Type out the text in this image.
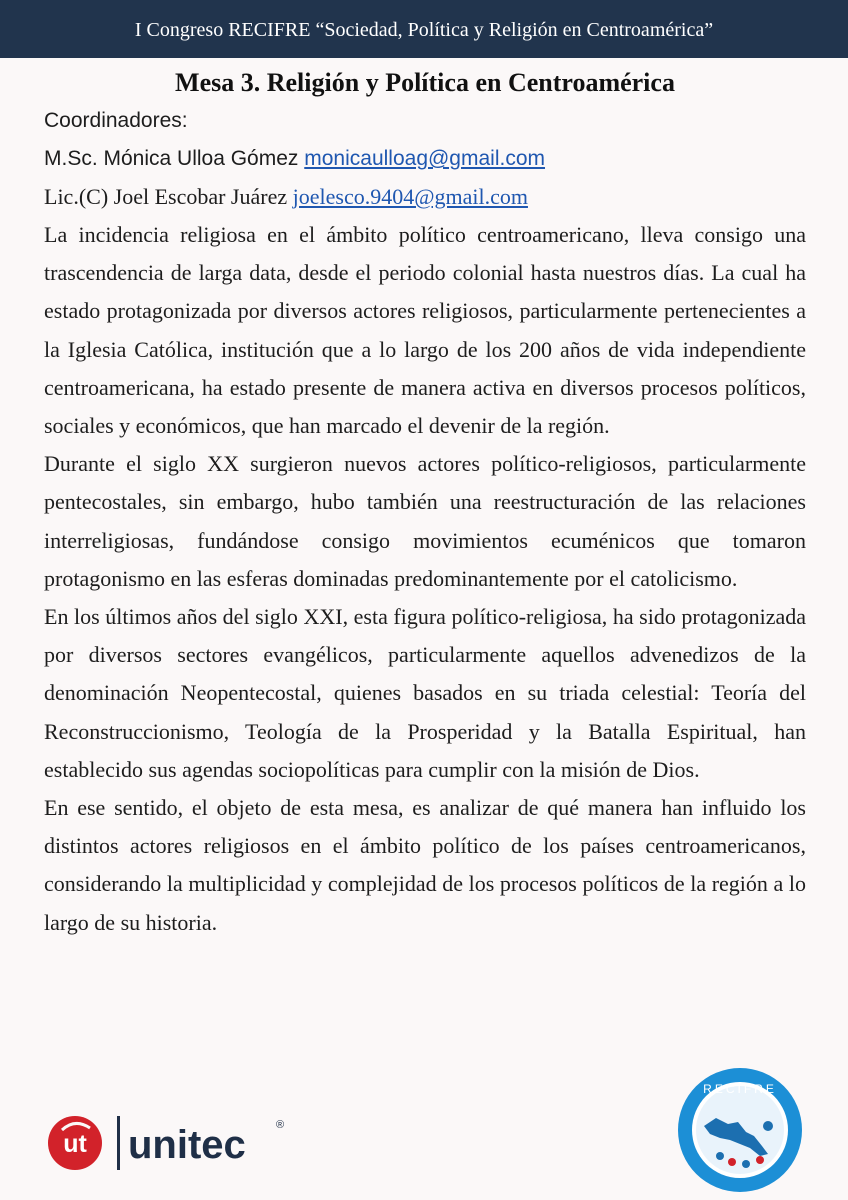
I Congreso RECIFRE “Sociedad, Política y Religión en Centroamérica”
Mesa 3. Religión y Política en Centroamérica

Coordinadores:

M.Sc. Mónica Ulloa Gómez monicaulloag@gmail.com

Lic.(C) Joel Escobar Juárez joelesco.9404@gmail.com

La incidencia religiosa en el ámbito político centroamericano, lleva consigo una trascendencia de larga data, desde el periodo colonial hasta nuestros días. La cual ha estado protagonizada por diversos actores religiosos, particularmente pertenecientes a la Iglesia Católica, institución que a lo largo de los 200 años de vida independiente centroamericana, ha estado presente de manera activa en diversos procesos políticos, sociales y económicos, que han marcado el devenir de la región.

Durante el siglo XX surgieron nuevos actores político-religiosos, particularmente pentecostales, sin embargo, hubo también una reestructuración de las relaciones interreligiosas, fundándose consigo movimientos ecuménicos que tomaron protagonismo en las esferas dominadas predominantemente por el catolicismo.

En los últimos años del siglo XXI, esta figura político-religiosa, ha sido protagonizada por diversos sectores evangélicos, particularmente aquellos advenedizos de la denominación Neopentecostal, quienes basados en su triada celestial: Teoría del Reconstruccionismo, Teología de la Prosperidad y la Batalla Espiritual, han establecido sus agendas sociopolíticas para cumplir con la misión de Dios.

En ese sentido, el objeto de esta mesa, es analizar de qué manera han influido los distintos actores religiosos en el ámbito político de los países centroamericanos, considerando la multiplicidad y complejidad de los procesos políticos de la región a lo largo de su historia.

ut unitec	®
RECIFRE
